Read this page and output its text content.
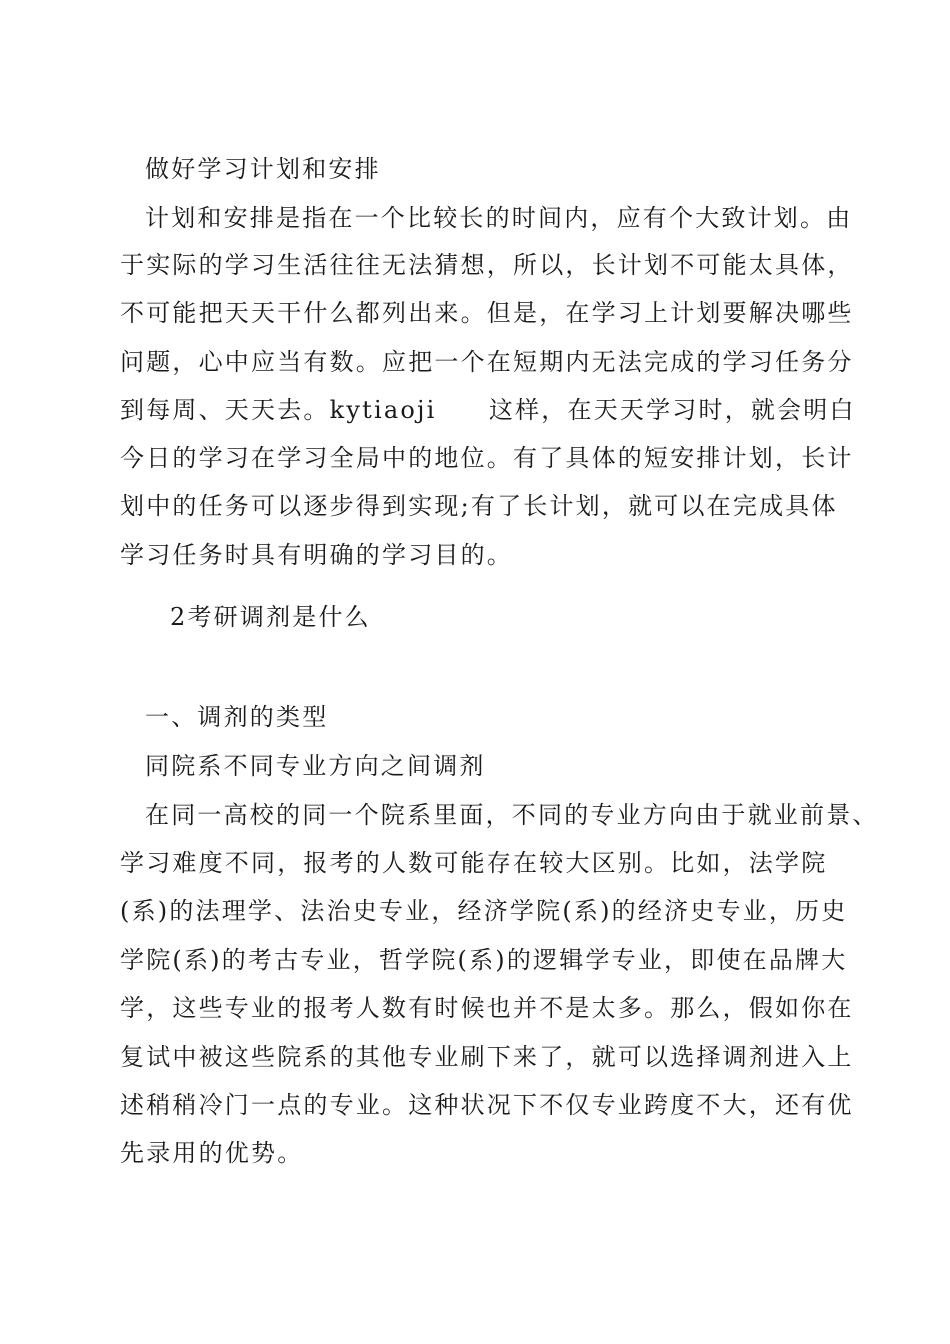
做好学习计划和安排
计划和安排是指在一个比较长的时间内，应有个大致计划。由
于实际的学习生活往往无法猜想，所以，长计划不可能太具体，
不可能把天天干什么都列出来。但是，在学习上计划要解决哪些
问题，心中应当有数。应把一个在短期内无法完成的学习任务分
到每周、天天去。kytiaoji　　这样，在天天学习时，就会明白
今日的学习在学习全局中的地位。有了具体的短安排计划，长计
划中的任务可以逐步得到实现;有了长计划，就可以在完成具体
学习任务时具有明确的学习目的。
2考研调剂是什么
一、调剂的类型
同院系不同专业方向之间调剂
在同一高校的同一个院系里面，不同的专业方向由于就业前景、
学习难度不同，报考的人数可能存在较大区别。比如，法学院
(系)的法理学、法治史专业，经济学院(系)的经济史专业，历史
学院(系)的考古专业，哲学院(系)的逻辑学专业，即使在品牌大
学，这些专业的报考人数有时候也并不是太多。那么，假如你在
复试中被这些院系的其他专业刷下来了，就可以选择调剂进入上
述稍稍冷门一点的专业。这种状况下不仅专业跨度不大，还有优
先录用的优势。
